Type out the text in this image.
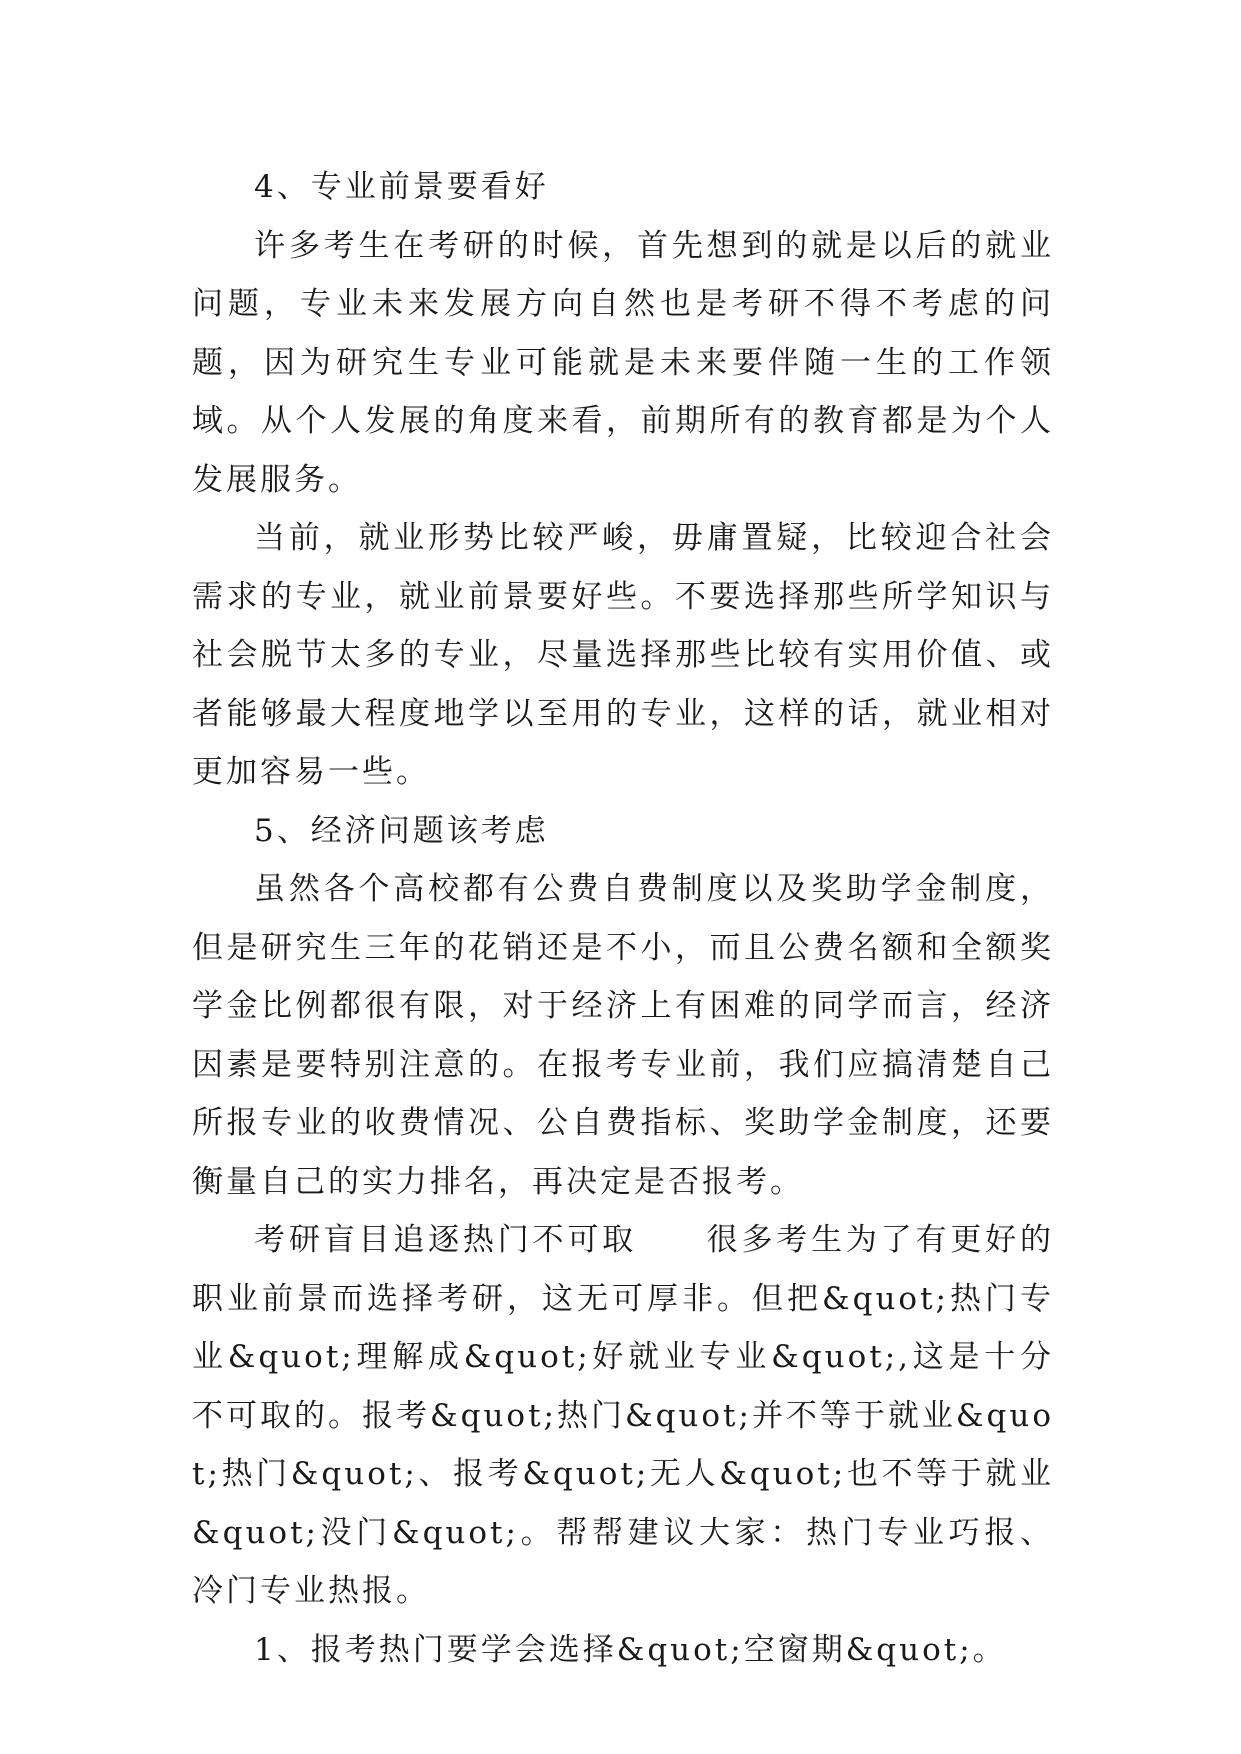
4、专业前景要看好

许多考生在考研的时候，首先想到的就是以后的就业问题，专业未来发展方向自然也是考研不得不考虑的问题，因为研究生专业可能就是未来要伴随一生的工作领域。从个人发展的角度来看，前期所有的教育都是为个人发展服务。

当前，就业形势比较严峻，毋庸置疑，比较迎合社会需求的专业，就业前景要好些。不要选择那些所学知识与社会脱节太多的专业，尽量选择那些比较有实用价值、或者能够最大程度地学以至用的专业，这样的话，就业相对更加容易一些。

5、经济问题该考虑

虽然各个高校都有公费自费制度以及奖助学金制度，但是研究生三年的花销还是不小，而且公费名额和全额奖学金比例都很有限，对于经济上有困难的同学而言，经济因素是要特别注意的。在报考专业前，我们应搞清楚自己所报专业的收费情况、公自费指标、奖助学金制度，还要衡量自己的实力排名，再决定是否报考。

考研盲目追逐热门不可取　　很多考生为了有更好的职业前景而选择考研，这无可厚非。但把&quot;热门专业&quot;理解成&quot;好就业专业&quot;,这是十分不可取的。报考&quot;热门&quot;并不等于就业&quot;热门&quot;、报考&quot;无人&quot;也不等于就业&quot;没门&quot;。帮帮建议大家：热门专业巧报、冷门专业热报。

1、报考热门要学会选择&quot;空窗期&quot;。
